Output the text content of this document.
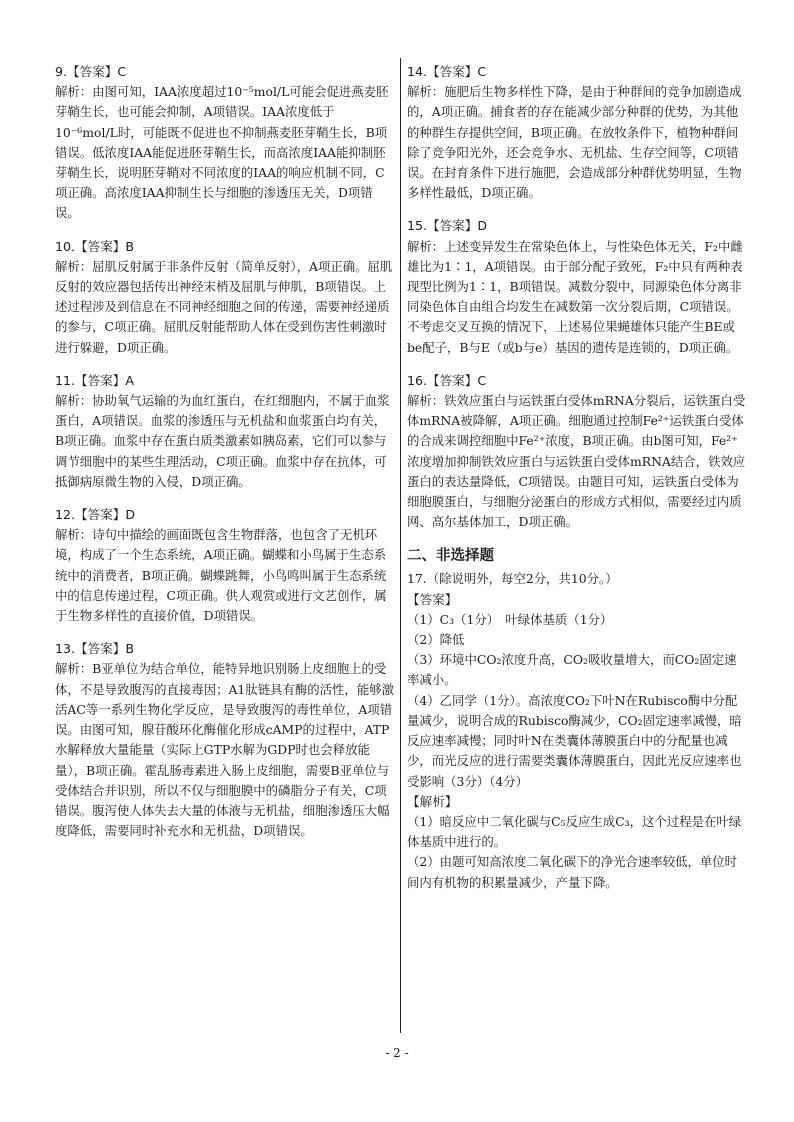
9.【答案】C

解析：由图可知，IAA浓度超过10⁻⁵mol/L可能会促进燕麦胚芽鞘生长，也可能会抑制，A项错误。IAA浓度低于10⁻⁶mol/L时，可能既不促进也不抑制燕麦胚芽鞘生长，B项错误。低浓度IAA能促进胚芽鞘生长，而高浓度IAA能抑制胚芽鞘生长，说明胚芽鞘对不同浓度的IAA的响应机制不同，C项正确。高浓度IAA抑制生长与细胞的渗透压无关，D项错误。

10.【答案】B

解析：屈肌反射属于非条件反射（简单反射），A项正确。屈肌反射的效应器包括传出神经末梢及屈肌与伸肌，B项错误。上述过程涉及到信息在不同神经细胞之间的传递，需要神经递质的参与，C项正确。屈肌反射能帮助人体在受到伤害性刺激时进行躲避，D项正确。

11.【答案】A

解析：协助氧气运输的为血红蛋白，在红细胞内，不属于血浆蛋白，A项错误。血浆的渗透压与无机盐和血浆蛋白均有关，B项正确。血浆中存在蛋白质类激素如胰岛素，它们可以参与调节细胞中的某些生理活动，C项正确。血浆中存在抗体，可抵御病原微生物的入侵，D项正确。

12.【答案】D

解析：诗句中描绘的画面既包含生物群落，也包含了无机环境，构成了一个生态系统，A项正确。蝴蝶和小鸟属于生态系统中的消费者，B项正确。蝴蝶跳舞，小鸟鸣叫属于生态系统中的信息传递过程，C项正确。供人观赏或进行文艺创作，属于生物多样性的直接价值，D项错误。

13.【答案】B

解析：B亚单位为结合单位，能特异地识别肠上皮细胞上的受体，不是导致腹泻的直接毒因；A1肽链具有酶的活性，能够激活AC等一系列生物化学反应，是导致腹泻的毒性单位，A项错误。由图可知，腺苷酸环化酶催化形成cAMP的过程中，ATP水解释放大量能量（实际上GTP水解为GDP时也会释放能量），B项正确。霍乱肠毒素进入肠上皮细胞，需要B亚单位与受体结合并识别，所以不仅与细胞膜中的磷脂分子有关，C项错误。腹泻使人体失去大量的体液与无机盐，细胞渗透压大幅度降低，需要同时补充水和无机盐，D项错误。

14.【答案】C

解析：施肥后生物多样性下降，是由于种群间的竞争加剧造成的，A项正确。捕食者的存在能减少部分种群的优势，为其他的种群生存提供空间，B项正确。在放牧条件下，植物种群间除了竞争阳光外，还会竞争水、无机盐、生存空间等，C项错误。在封育条件下进行施肥，会造成部分种群优势明显，生物多样性最低，D项正确。

15.【答案】D

解析：上述变异发生在常染色体上，与性染色体无关，F₂中雌雄比为1∶1，A项错误。由于部分配子致死，F₂中只有两种表现型比例为1∶1，B项错误。减数分裂中，同源染色体分离非同染色体自由组合均发生在减数第一次分裂后期，C项错误。不考虑交叉互换的情况下，上述易位果蝇雄体只能产生BE或be配子，B与E（或b与e）基因的遗传是连锁的，D项正确。

16.【答案】C

解析：铁效应蛋白与运铁蛋白受体mRNA分裂后，运铁蛋白受体mRNA被降解，A项正确。细胞通过控制Fe²⁺运铁蛋白受体的合成来调控细胞中Fe²⁺浓度，B项正确。由b图可知，Fe²⁺浓度增加抑制铁效应蛋白与运铁蛋白受体mRNA结合，铁效应蛋白的表达量降低，C项错误。由题目可知，运铁蛋白受体为细胞膜蛋白，与细胞分泌蛋白的形成方式相似，需要经过内质网、高尔基体加工，D项正确。

二、非选择题

17.（除说明外，每空2分，共10分。）

【答案】

（1）C₃（1分）　叶绿体基质（1分）

（2）降低

（3）环境中CO₂浓度升高，CO₂吸收量增大，而CO₂固定速率减小。

（4）乙同学（1分）。高浓度CO₂下叶N在Rubisco酶中分配量减少，说明合成的Rubisco酶减少，CO₂固定速率减慢，暗反应速率减慢；同时叶N在类囊体薄膜蛋白中的分配量也减少，而光反应的进行需要类囊体薄膜蛋白，因此光反应速率也受影响（3分）（4分）

【解析】

（1）暗反应中二氧化碳与C₅反应生成C₃，这个过程是在叶绿体基质中进行的。

（2）由题可知高浓度二氧化碳下的净光合速率较低，单位时间内有机物的积累量减少，产量下降。

- 2 -
